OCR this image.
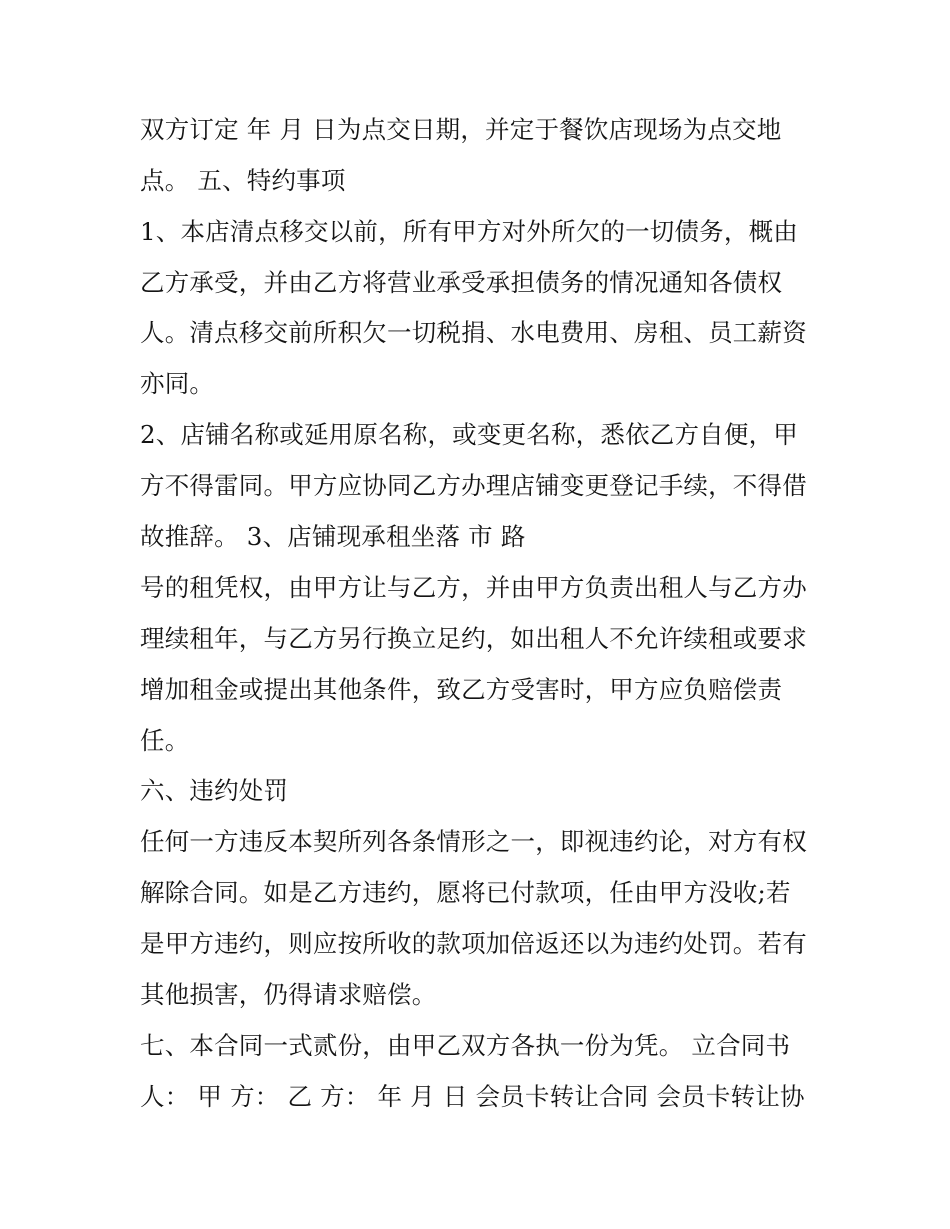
双方订定 年 月 日为点交日期，并定于餐饮店现场为点交地
点。 五、特约事项
1、本店清点移交以前，所有甲方对外所欠的一切债务，概由
乙方承受，并由乙方将营业承受承担债务的情况通知各债权
人。清点移交前所积欠一切税捐、水电费用、房租、员工薪资
亦同。
2、店铺名称或延用原名称，或变更名称，悉依乙方自便，甲
方不得雷同。甲方应协同乙方办理店铺变更登记手续，不得借
故推辞。 3、店铺现承租坐落 市 路
号的租凭权，由甲方让与乙方，并由甲方负责出租人与乙方办
理续租年，与乙方另行换立足约，如出租人不允许续租或要求
增加租金或提出其他条件，致乙方受害时，甲方应负赔偿责
任。
六、违约处罚
任何一方违反本契所列各条情形之一，即视违约论，对方有权
解除合同。如是乙方违约，愿将已付款项，任由甲方没收;若
是甲方违约，则应按所收的款项加倍返还以为违约处罚。若有
其他损害，仍得请求赔偿。
七、本合同一式贰份，由甲乙双方各执一份为凭。 立合同书
人： 甲 方： 乙 方： 年 月 日 会员卡转让合同 会员卡转让协
